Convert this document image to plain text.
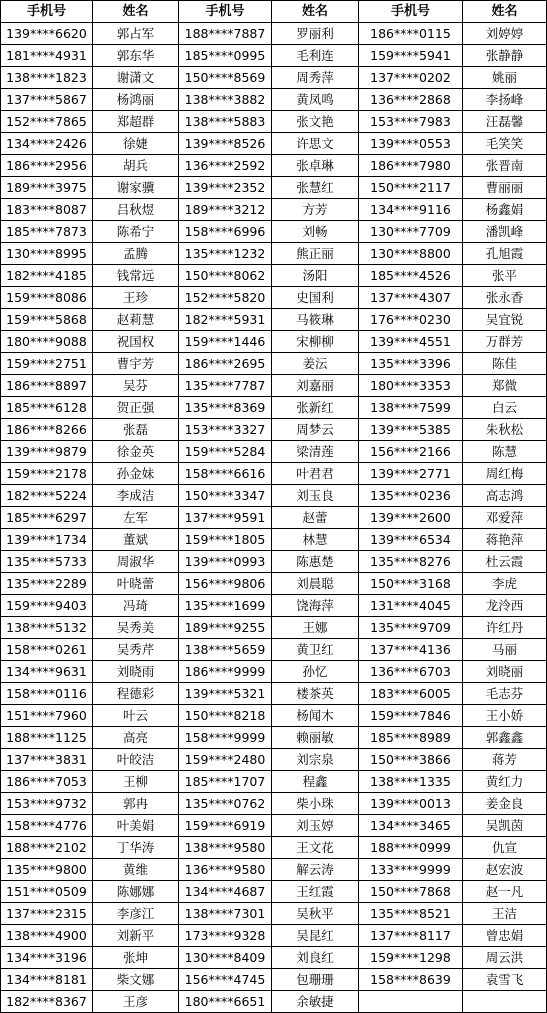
手机号	姓名	手机号	姓名	手机号	姓名
139****6620	郭占军	188****7887	罗丽利	186****0115	刘婷婷
181****4931	郭东华	185****0995	毛利连	159****5941	张静静
138****1823	谢潇文	150****8569	周秀萍	137****0202	姚丽
137****5867	杨鸿丽	138****3882	黄凤鸣	136****2868	李扬峰
152****7865	郑超群	138****5883	张文艳	153****7983	汪磊馨
134****2426	徐婕	139****8526	许思文	139****0553	毛笑笑
186****2956	胡兵	136****2592	张卓琳	186****7980	张晋南
189****3975	谢家骥	139****2352	张慧红	150****2117	曹丽丽
183****8087	吕秋煜	189****3212	方芳	134****9116	杨鑫娟
185****7873	陈希宁	158****6996	刘畅	130****7709	潘凯峰
130****8995	孟腾	135****1232	熊正丽	130****8800	孔旭霞
182****4185	钱常远	150****8062	汤阳	185****4526	张平
159****8086	王珍	152****5820	史国利	137****4307	张永香
159****5868	赵莉慧	182****5931	马筱琳	176****0230	吴宜锐
180****9088	祝国权	159****1446	宋柳柳	139****4551	万群芳
159****2751	曹宇芳	186****2695	姜沄	135****3396	陈佳
186****8897	吴芬	135****7787	刘嘉丽	180****3353	郑微
185****6128	贺正强	135****8369	张新红	138****7599	白云
186****8266	张磊	153****3327	周梦云	139****5385	朱秋松
139****9879	徐金英	159****5284	梁清莲	156****2166	陈慧
159****2178	孙金妹	158****6616	叶君君	139****2771	周红梅
182****5224	李成洁	150****3347	刘玉良	135****0236	高志鸿
185****6297	左军	137****9591	赵蕾	139****2600	邓爱萍
139****1734	董斌	159****1805	林慧	139****6534	蒋艳萍
135****5733	周淑华	139****0993	陈惠楚	135****8276	杜云霞
135****2289	叶晓蕾	156****9806	刘晨聪	150****3168	李虎
159****9403	冯琦	135****1699	饶海萍	131****4045	龙泠西
138****5132	吴秀美	189****9255	王娜	135****9709	许红丹
158****0261	吴秀芹	138****5659	黄卫红	137****4136	马丽
134****9631	刘晓雨	186****9999	孙忆	136****6703	刘晓丽
158****0116	程德彩	139****5321	楼茶英	183****6005	毛志芬
151****7960	叶云	150****8218	杨闻木	159****7846	王小娇
188****1125	高亮	158****9999	赖丽敏	185****8989	郭鑫鑫
137****3831	叶皎洁	159****2480	刘宗泉	150****3866	蒋芳
186****7053	王柳	185****1707	程鑫	138****1335	黄红力
153****9732	郭冉	135****0762	柴小珠	139****0013	姜金良
158****4776	叶美娟	159****6919	刘玉婷	134****3465	吴凯茵
188****2102	丁华涛	138****9580	王文花	188****0999	仇宣
135****9800	黄维	136****9580	解云涛	133****9999	赵宏波
151****0509	陈娜娜	134****4687	王红霞	150****7868	赵一凡
137****2315	李彦江	138****7301	吴秋平	135****8521	王洁
138****4900	刘新平	173****9328	吴昆红	137****8117	曾忠娟
134****3196	张坤	130****8409	刘良红	159****1298	周云洪
134****8181	柴文娜	156****4745	包珊珊	158****8639	袁雪飞
182****8367	王彦	180****6651	余敏捷		
